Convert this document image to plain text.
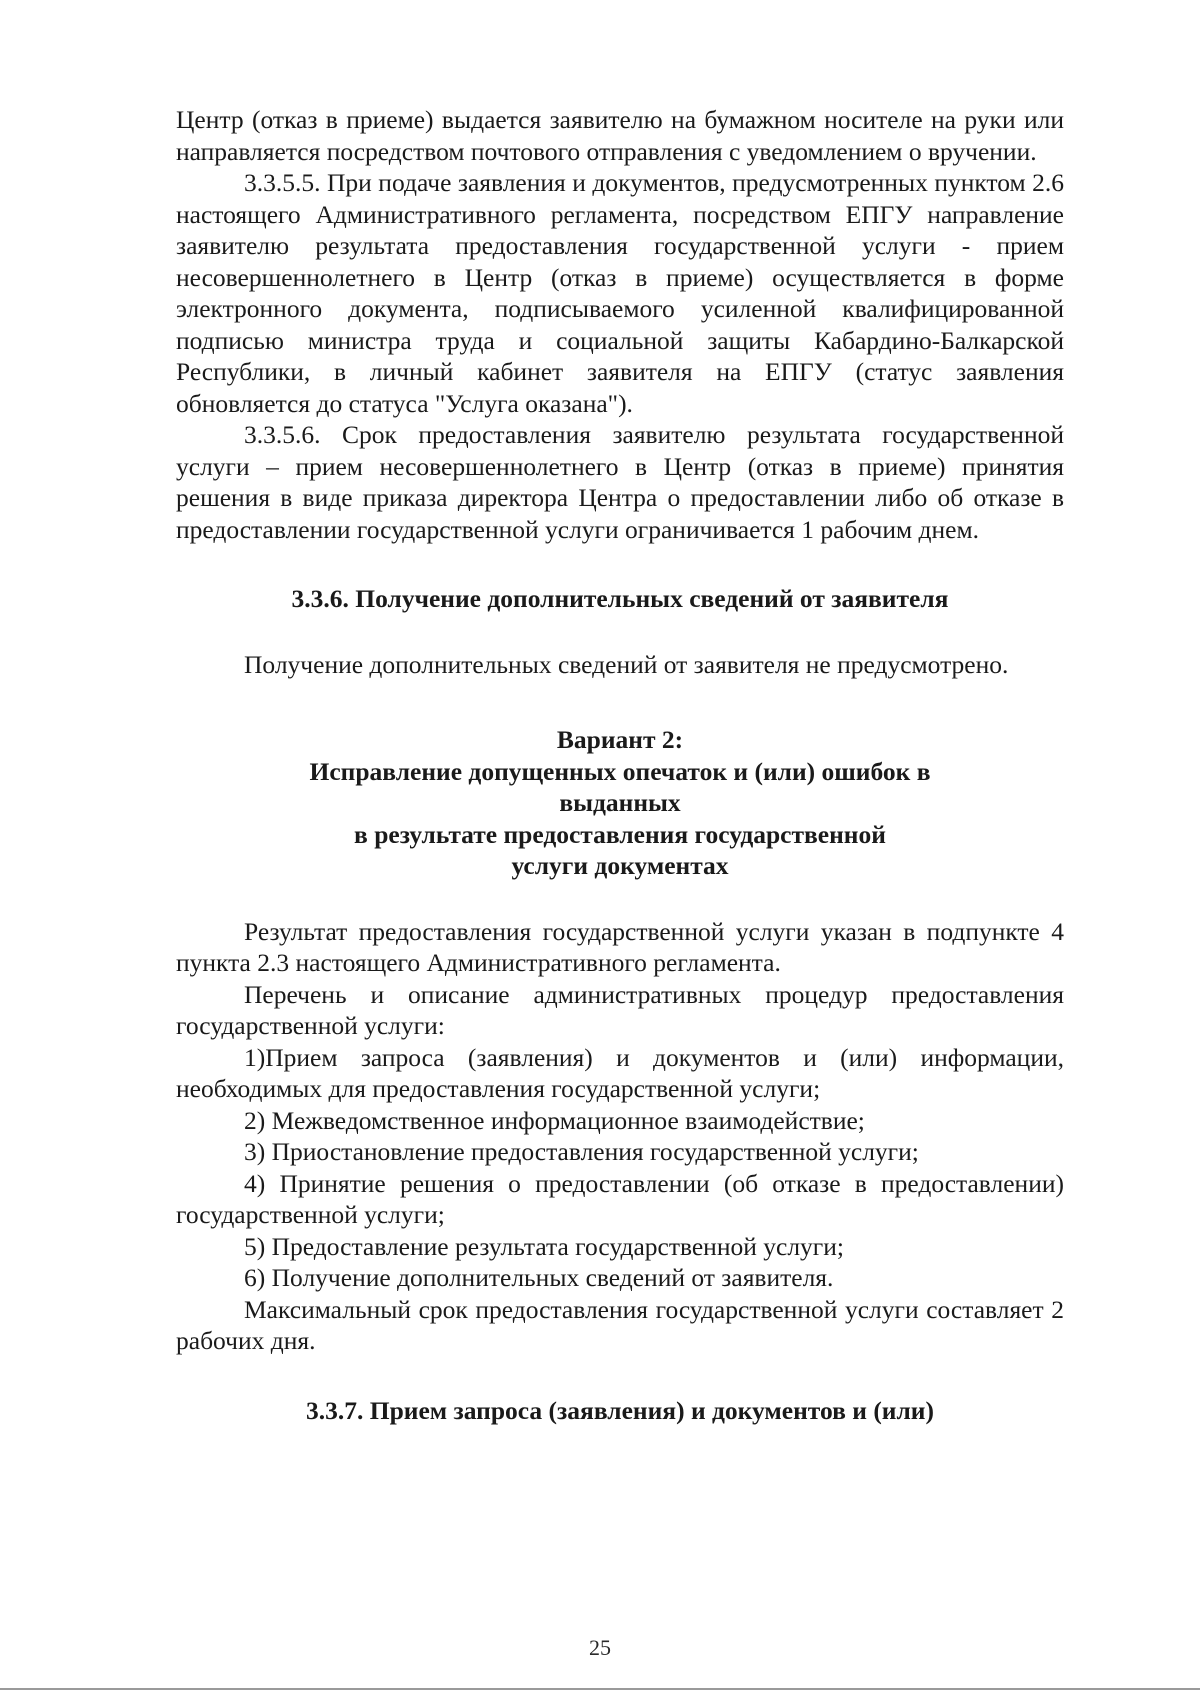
Центр (отказ в приеме) выдается заявителю на бумажном носителе на руки или направляется посредством почтового отправления с уведомлением о вручении.

3.3.5.5. При подаче заявления и документов, предусмотренных пунктом 2.6 настоящего Административного регламента, посредством ЕПГУ направление заявителю результата предоставления государственной услуги - прием несовершеннолетнего в Центр (отказ в приеме) осуществляется в форме электронного документа, подписываемого усиленной квалифицированной подписью министра труда и социальной защиты Кабардино-Балкарской Республики, в личный кабинет заявителя на ЕПГУ (статус заявления обновляется до статуса "Услуга оказана").

3.3.5.6. Срок предоставления заявителю результата государственной услуги – прием несовершеннолетнего в Центр (отказ в приеме) принятия решения в виде приказа директора Центра о предоставлении либо об отказе в предоставлении государственной услуги ограничивается 1 рабочим днем.

3.3.6. Получение дополнительных сведений от заявителя

Получение дополнительных сведений от заявителя не предусмотрено.

Вариант 2:

Исправление допущенных опечаток и (или) ошибок в

выданных

в результате предоставления государственной

услуги документах

Результат предоставления государственной услуги указан в подпункте 4 пункта 2.3 настоящего Административного регламента.

Перечень и описание административных процедур предоставления государственной услуги:

1)Прием запроса (заявления) и документов и (или) информации, необходимых для предоставления государственной услуги;

2) Межведомственное информационное взаимодействие;

3) Приостановление предоставления государственной услуги;

4) Принятие решения о предоставлении (об отказе в предоставлении) государственной услуги;

5) Предоставление результата государственной услуги;

6) Получение дополнительных сведений от заявителя.

Максимальный срок предоставления государственной услуги составляет 2 рабочих дня.

3.3.7. Прием запроса (заявления) и документов и (или)

25
